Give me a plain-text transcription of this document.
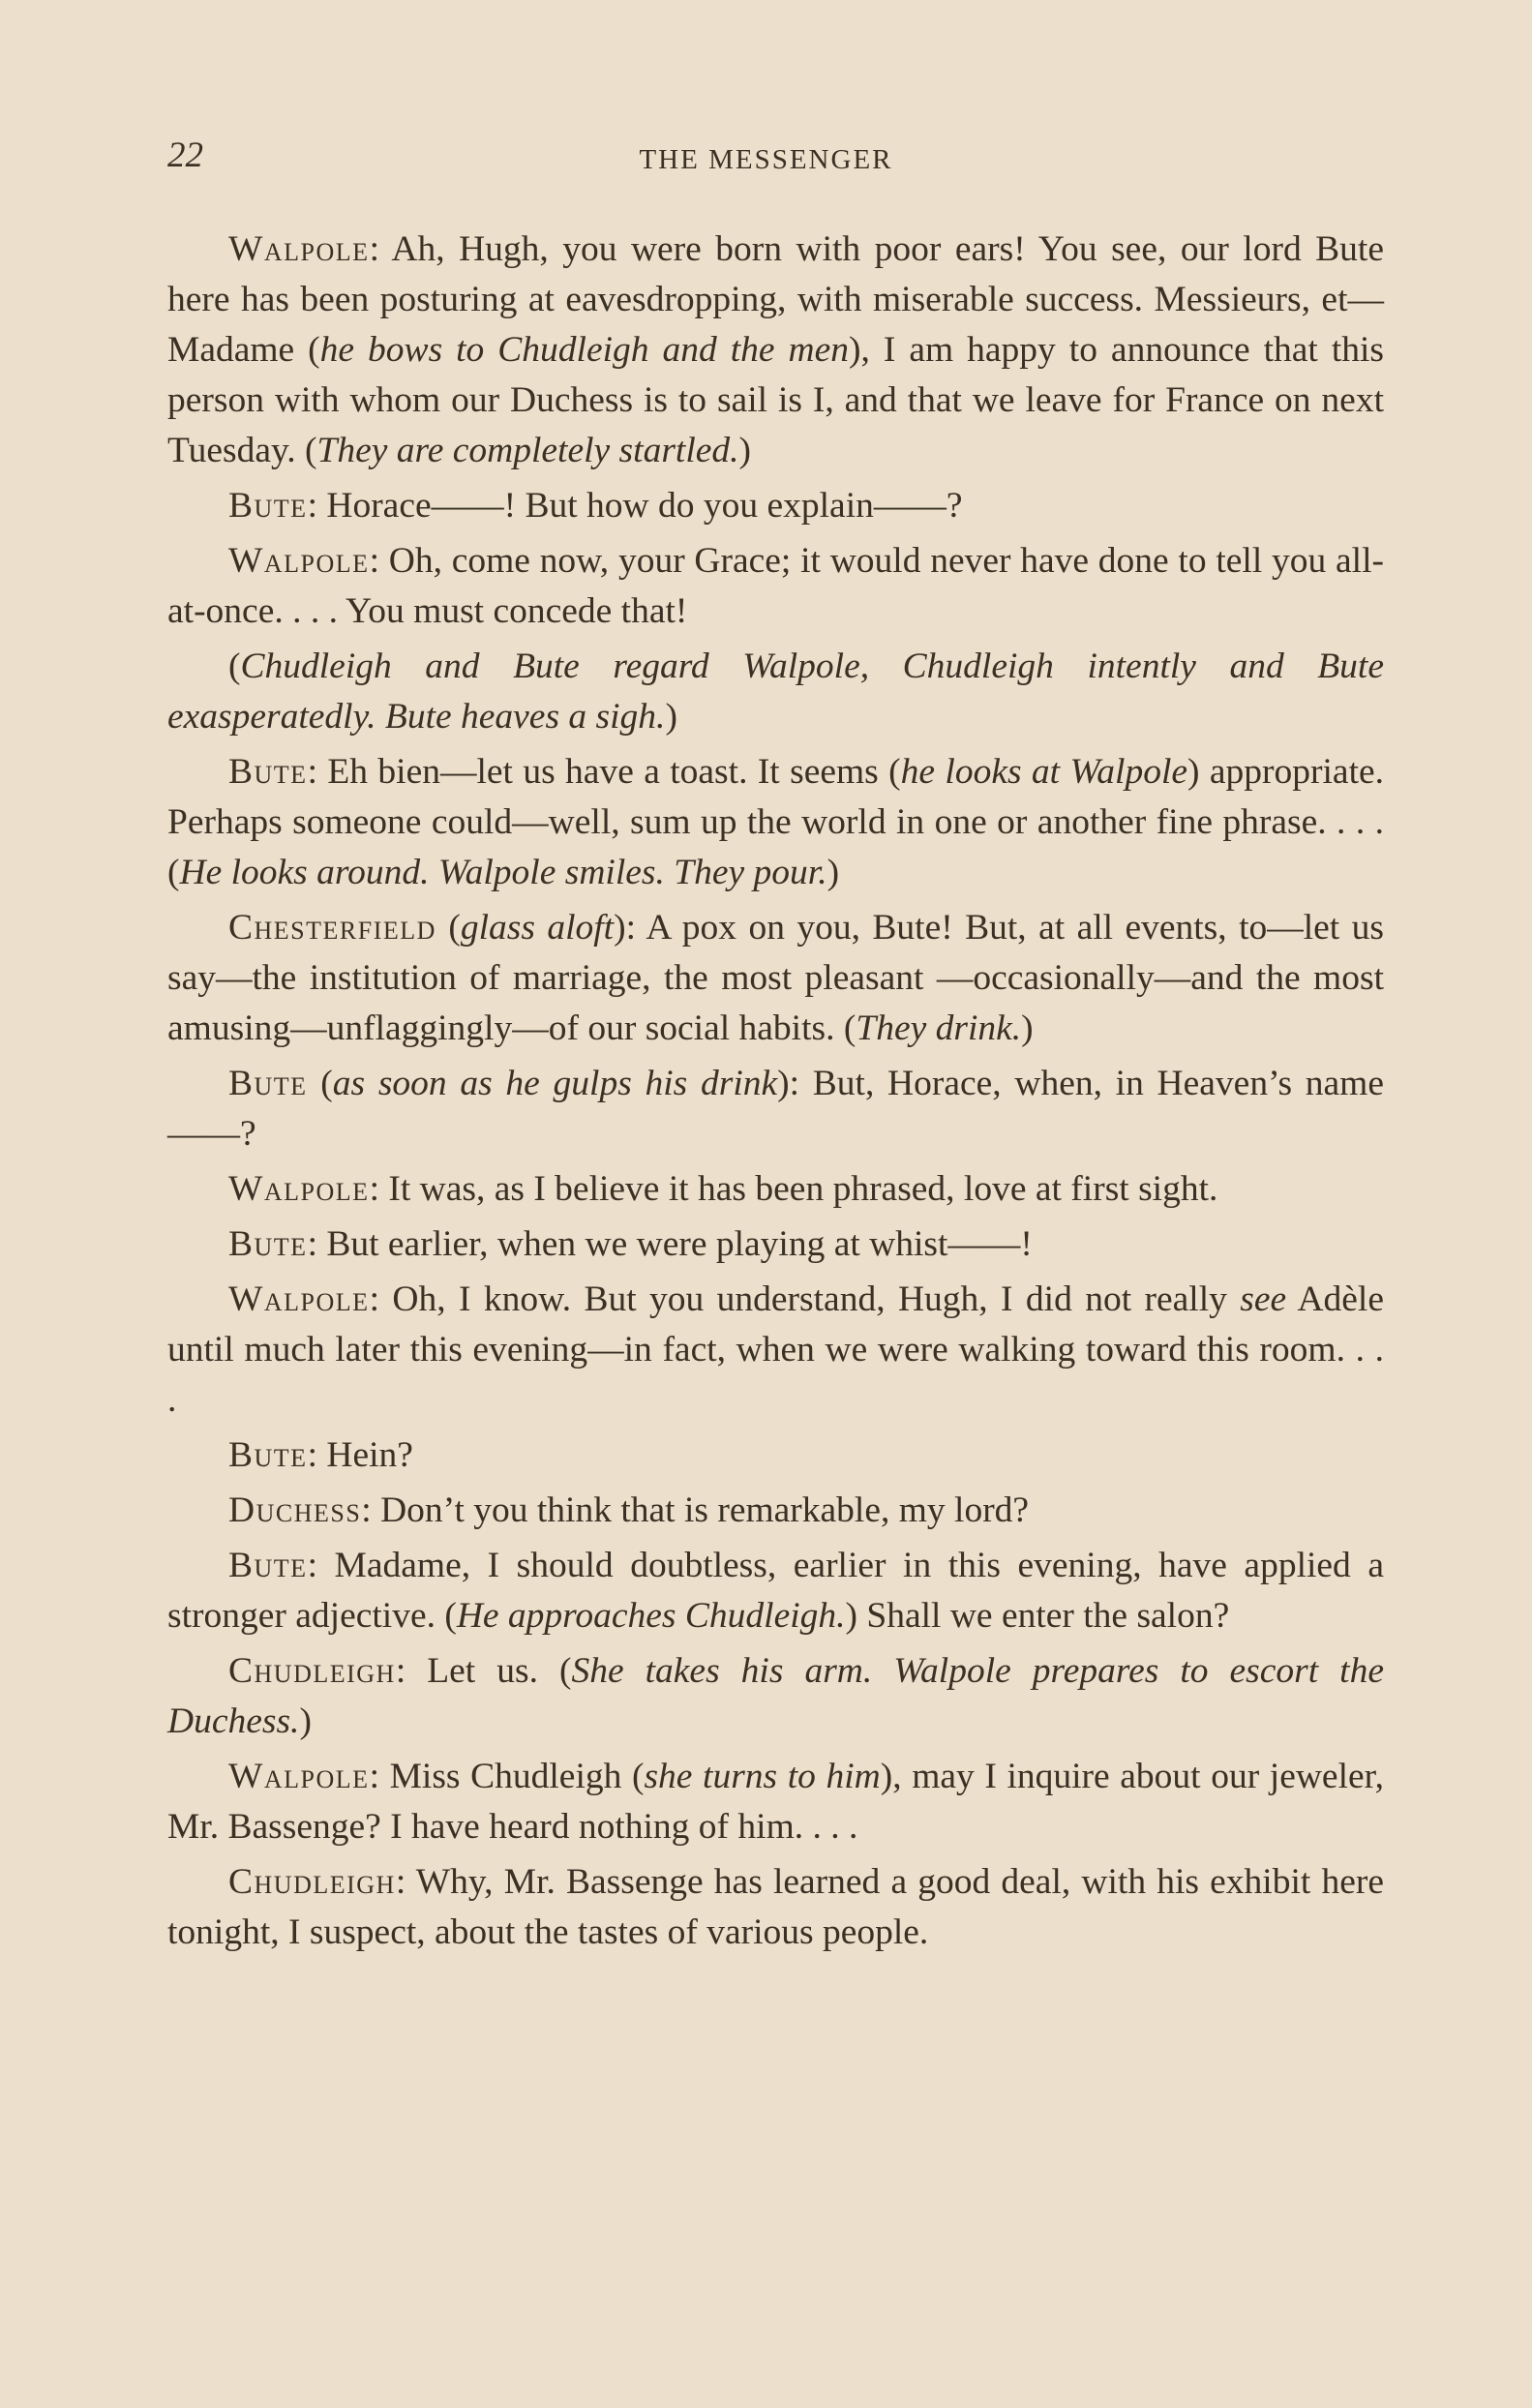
22	THE MESSENGER

Walpole: Ah, Hugh, you were born with poor ears! You see, our lord Bute here has been posturing at eavesdropping, with miserable success. Messieurs, et—Madame (he bows to Chudleigh and the men), I am happy to announce that this person with whom our Duchess is to sail is I, and that we leave for France on next Tuesday. (They are completely startled.)

Bute: Horace——! But how do you explain——?

Walpole: Oh, come now, your Grace; it would never have done to tell you all-at-once. . . . You must concede that!

(Chudleigh and Bute regard Walpole, Chudleigh intently and Bute exasperatedly. Bute heaves a sigh.)

Bute: Eh bien—let us have a toast. It seems (he looks at Walpole) appropriate. Perhaps someone could—well, sum up the world in one or another fine phrase. . . . (He looks around. Walpole smiles. They pour.)

Chesterfield (glass aloft): A pox on you, Bute! But, at all events, to—let us say—the institution of marriage, the most pleasant —occasionally—and the most amusing—unflaggingly—of our social habits. (They drink.)

Bute (as soon as he gulps his drink): But, Horace, when, in Heaven’s name——?

Walpole: It was, as I believe it has been phrased, love at first sight.

Bute: But earlier, when we were playing at whist——!

Walpole: Oh, I know. But you understand, Hugh, I did not really see Adèle until much later this evening—in fact, when we were walking toward this room. . . .

Bute: Hein?

Duchess: Don’t you think that is remarkable, my lord?

Bute: Madame, I should doubtless, earlier in this evening, have applied a stronger adjective. (He approaches Chudleigh.) Shall we enter the salon?

Chudleigh: Let us. (She takes his arm. Walpole prepares to escort the Duchess.)

Walpole: Miss Chudleigh (she turns to him), may I inquire about our jeweler, Mr. Bassenge? I have heard nothing of him. . . .

Chudleigh: Why, Mr. Bassenge has learned a good deal, with his exhibit here tonight, I suspect, about the tastes of various people.
